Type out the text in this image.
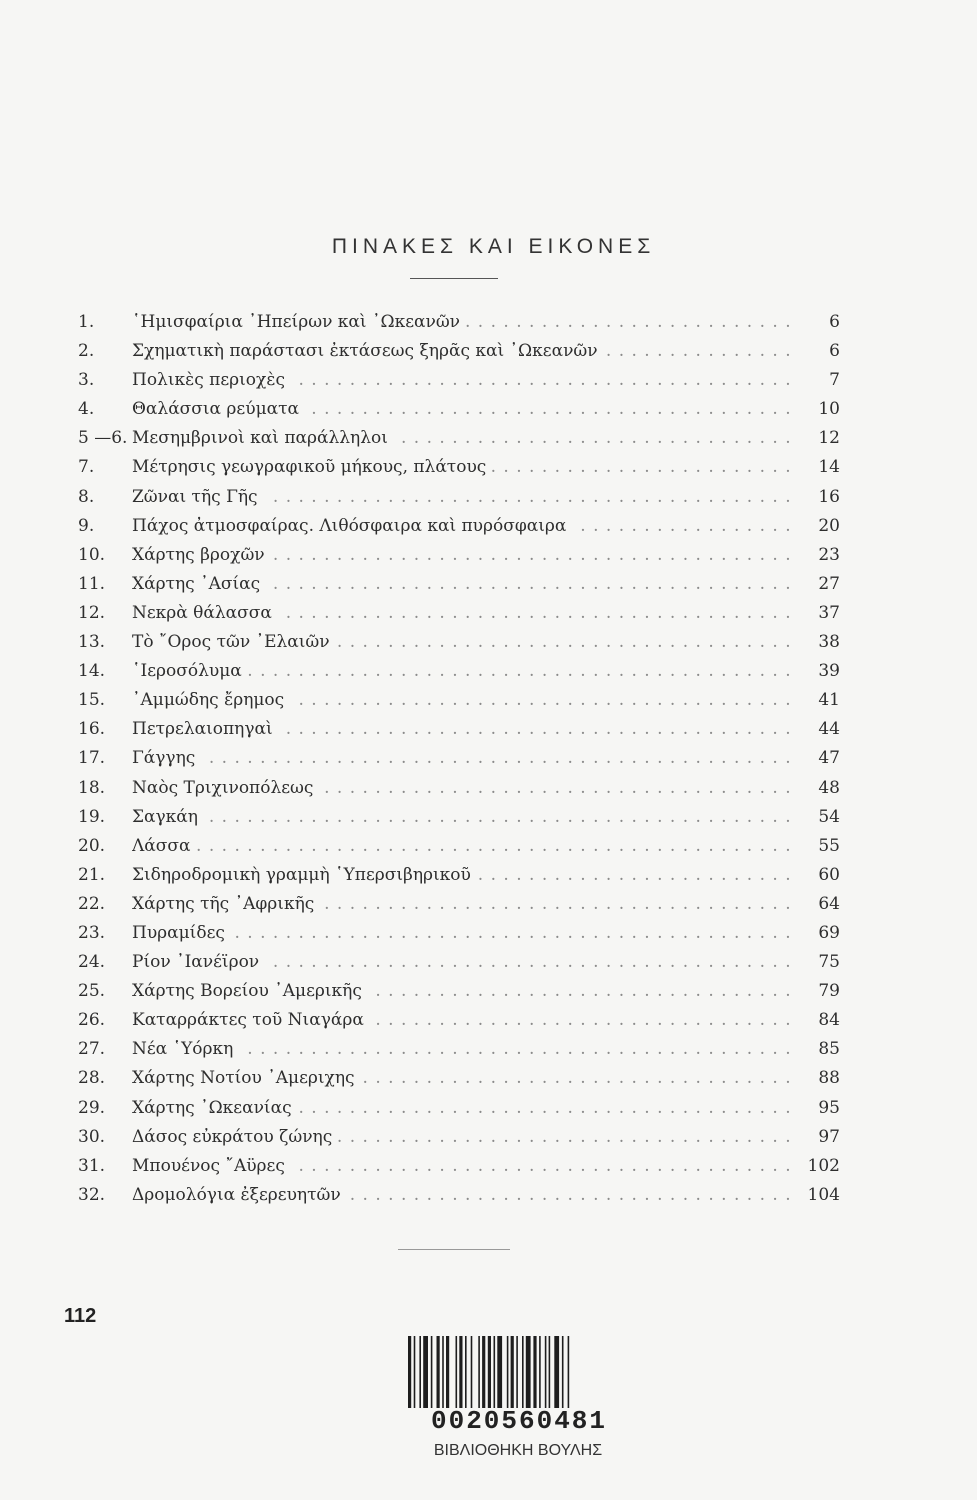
ΠΙΝΑΚΕΣ ΚΑΙ ΕΙΚΟΝΕΣ
1.	῾Ημισφαίρια ᾿Ηπείρων καὶ ᾿Ωκεανῶν . . .	6
2.	Σχηματικὴ παράστασι ἐκτάσεως ξηρᾶς καὶ ᾿Ωκεανῶν . . .	6
3.	Πολικὲς περιοχὲς . . .	7
4.	Θαλάσσια ρεύματα . . .	10
5 —6. Μεσημβρινοὶ καὶ παράλληλοι . . .	12
7.	Μέτρησις γεωγραφικοῦ μήκους, πλάτους . . .	14
8.	Ζῶναι τῆς Γῆς . . .	16
9.	Πάχος ἀτμοσφαίρας. Λιθόσφαιρα καὶ πυρόσφαιρα . . .	20
10.	Χάρτης βροχῶν . . .	23
11.	Χάρτης ᾿Ασίας . . .	27
12.	Νεκρὰ θάλασσα . . .	37
13.	Τὸ ῎Ορος τῶν ᾿Ελαιῶν . . .	38
14.	῾Ιεροσόλυμα . . .	39
15.	᾿Αμμώδης ἔρημος . . .	41
16.	Πετρελαιοπηγαὶ . . .	44
17.	Γάγγης . . .	47
18.	Ναὸς Τριχινοπόλεως . . .	48
19.	Σαγκάη . . .	54
20.	Λάσσα . . .	55
21.	Σιδηροδρομικὴ γραμμὴ ῾Υπερσιβηρικοῦ . . .	60
22.	Χάρτης τῆς ᾿Αφρικῆς . . .	64
23.	Πυραμίδες . . .	69
24.	Ρίον ᾿Ιανέϊρον . . .	75
25.	Χάρτης Βορείου ᾿Αμερικῆς . . .	79
26.	Καταρράκτες τοῦ Νιαγάρα . . .	84
27.	Νέα ῾Υόρκη . . .	85
28.	Χάρτης Νοτίου ᾿Αμεριχης . . .	88
29.	Χάρτης ᾿Ωκεανίας . . .	95
30.	Δάσος εὐκράτου ζώνης . . .	97
31.	Μπουένος ῎Αϋρες . . .	102
32.	Δρομολόγια ἐξερευητῶν . . .	104
112
0020560481
ΒΙΒΛΙΟΘΗΚΗ ΒΟΥΛΗΣ
